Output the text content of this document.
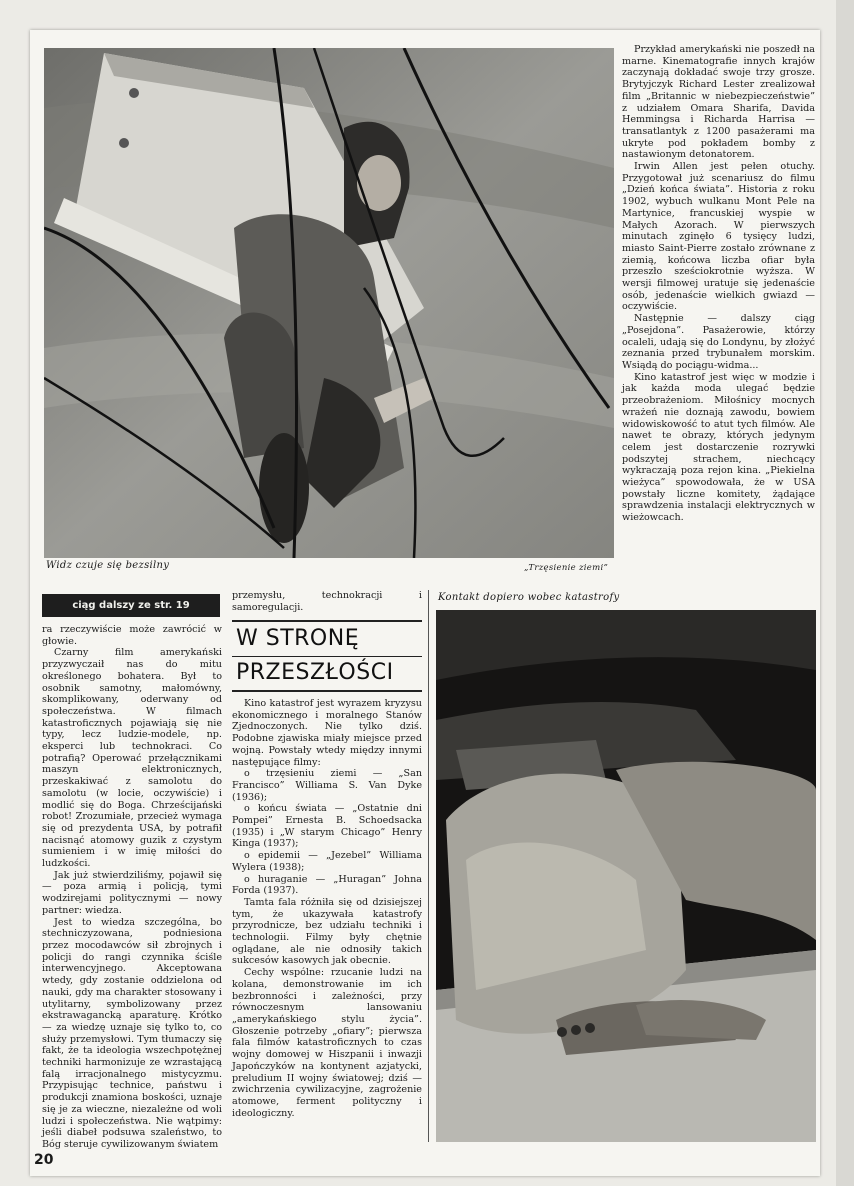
Widz czuje się bezsilny	„Trzęsienie ziemi”

Przykład amerykański nie poszedł na marne. Kinematografie innych krajów zaczynają dokładać swoje trzy grosze. Brytyjczyk Richard Lester zrealizował film „Britannic w niebezpieczeństwie” z udziałem Omara Sharifa, Davida Hemmingsa i Richarda Harrisa — transatlantyk z 1200 pasażerami ma ukryte pod pokładem bomby z nastawionym detonatorem.

Irwin Allen jest pełen otuchy. Przygotował już scenariusz do filmu „Dzień końca świata”. Historia z roku 1902, wybuch wulkanu Mont Pele na Martynice, francuskiej wyspie w Małych Azorach. W pierwszych minutach zginęło 6 tysięcy ludzi, miasto Saint-Pierre zostało zrównane z ziemią, końcowa liczba ofiar była przeszło sześciokrotnie wyższa. W wersji filmowej uratuje się jedenaście osób, jedenaście wielkich gwiazd — oczywiście.

Następnie — dalszy ciąg „Posejdona”. Pasażerowie, którzy ocaleli, udają się do Londynu, by złożyć zeznania przed trybunałem morskim. Wsiądą do pociągu-widma...

Kino katastrof jest więc w modzie i jak każda moda ulegać będzie przeobrażeniom. Miłośnicy mocnych wrażeń nie doznają zawodu, bowiem widowiskowość to atut tych filmów. Ale nawet te obrazy, których jedynym celem jest dostarczenie rozrywki podszytej strachem, niechcący wykraczają poza rejon kina. „Piekielna wieżyca” spowodowała, że w USA powstały liczne komitety, żądające sprawdzenia instalacji elektrycznych w wieżowcach.

ciąg dalszy ze str. 19

ra rzeczywiście może zawrócić w głowie.

Czarny film amerykański przyzwyczaił nas do mitu określonego bohatera. Był to osobnik samotny, małomówny, skomplikowany, oderwany od społeczeństwa. W filmach katastroficznych pojawiają się nie typy, lecz ludzie-modele, np. eksperci lub technokraci. Co potrafią? Operować przełącznikami maszyn elektronicznych, przeskakiwać z samolotu do samolotu (w locie, oczywiście) i modlić się do Boga. Chrześcijański robot! Zrozumiałe, przecież wymaga się od prezydenta USA, by potrafił nacisnąć atomowy guzik z czystym sumieniem i w imię miłości do ludzkości.

Jak już stwierdziliśmy, pojawił się — poza armią i policją, tymi wodzirejami politycznymi — nowy partner: wiedza.

Jest to wiedza szczególna, bo stechniczyzowana, podniesiona przez mocodawców sił zbrojnych i policji do rangi czynnika ściśle interwencyjnego. Akceptowana wtedy, gdy zostanie oddzielona od nauki, gdy ma charakter stosowany i utylitarny, symbolizowany przez ekstrawagancką aparaturę. Krótko — za wiedzę uznaje się tylko to, co służy przemysłowi. Tym tłumaczy się fakt, że ta ideologia wszechpotężnej techniki harmonizuje ze wzrastającą falą irracjonalnego mistycyzmu. Przypisując technice, państwu i produkcji znamiona boskości, uznaje się je za wieczne, niezależne od woli ludzi i społeczeństwa. Nie wątpimy: jeśli diabeł podsuwa szaleństwo, to Bóg steruje cywilizowanym światem

20

przemysłu, technokracji i samoregulacji.

W STRONĘ
PRZESZŁOŚCI

Kino katastrof jest wyrazem kryzysu ekonomicznego i moralnego Stanów Zjednoczonych. Nie tylko dziś. Podobne zjawiska miały miejsce przed wojną. Powstały wtedy między innymi następujące filmy:

o trzęsieniu ziemi — „San Francisco” Williama S. Van Dyke (1936);

o końcu świata — „Ostatnie dni Pompei” Ernesta B. Schoedsacka (1935) i „W starym Chicago” Henry Kinga (1937);

o epidemii — „Jezebel” Williama Wylera (1938);

o huraganie — „Huragan” Johna Forda (1937).

Tamta fala różniła się od dzisiejszej tym, że ukazywała katastrofy przyrodnicze, bez udziału techniki i technologii. Filmy były chętnie oglądane, ale nie odnosiły takich sukcesów kasowych jak obecnie.

Cechy wspólne: rzucanie ludzi na kolana, demonstrowanie im ich bezbronności i zależności, przy równoczesnym lansowaniu „amerykańskiego stylu życia”. Głoszenie potrzeby „ofiary”; pierwsza fala filmów katastroficznych to czas wojny domowej w Hiszpanii i inwazji Japończyków na kontynent azjatycki, preludium II wojny światowej; dziś — zwichrzenia cywilizacyjne, zagrożenie atomowe, ferment polityczny i ideologiczny.

Kontakt dopiero wobec katastrofy
